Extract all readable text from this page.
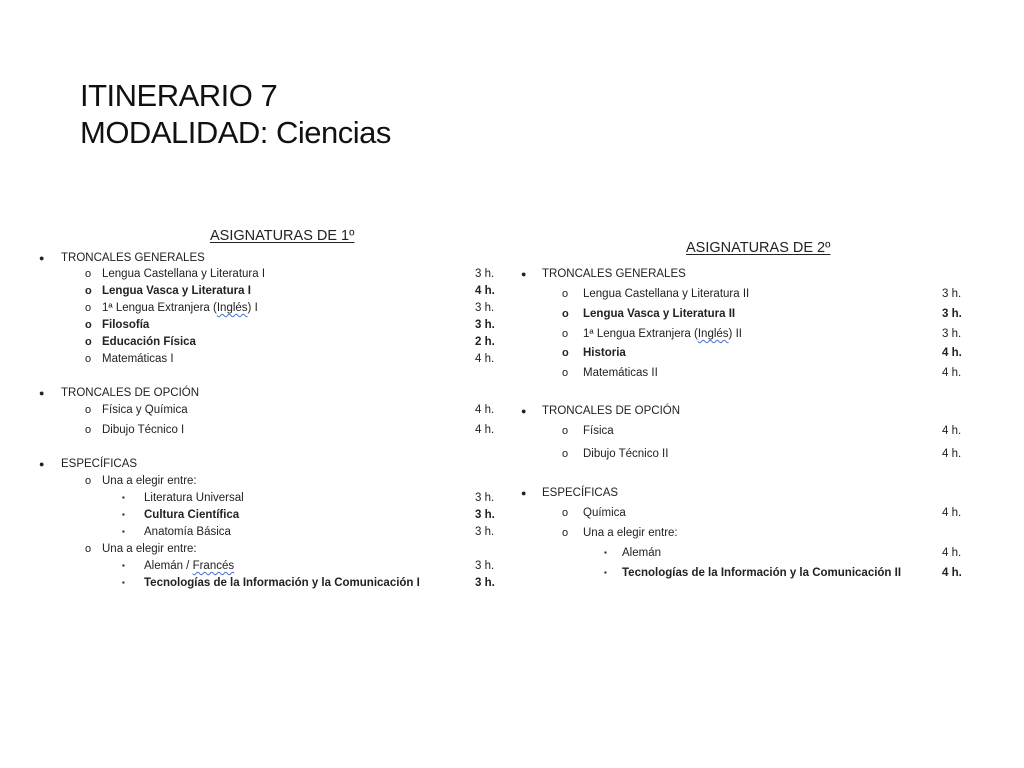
ITINERARIO 7
MODALIDAD: Ciencias
ASIGNATURAS DE 1º
● TRONCALES GENERALES
o Lengua Castellana y Literatura I	3 h.
o Lengua Vasca y Literatura I	4 h.
o 1ª Lengua Extranjera (Inglés) I	3 h.
o Filosofía	3 h.
o Educación Física	2 h.
o Matemáticas I	4 h.
● TRONCALES DE OPCIÓN
o Física y Química	4 h.
o Dibujo Técnico I	4 h.
● ESPECÍFICAS
o Una a elegir entre:
▪ Literatura Universal	3 h.
▪ Cultura Científica	3 h.
▪ Anatomía Básica	3 h.
o Una a elegir entre:
▪ Alemán / Francés	3 h.
▪ Tecnologías de la Información y la Comunicación I	3 h.
ASIGNATURAS DE 2º
● TRONCALES GENERALES
o Lengua Castellana y Literatura II	3 h.
o Lengua Vasca y Literatura II	3 h.
o 1ª Lengua Extranjera (Inglés) II	3 h.
o Historia	4 h.
o Matemáticas II	4 h.
● TRONCALES DE OPCIÓN
o Física	4 h.
o Dibujo Técnico II	4 h.
● ESPECÍFICAS
o Química	4 h.
o Una a elegir entre:
▪ Alemán	4 h.
▪ Tecnologías de la Información y la Comunicación II	4 h.
